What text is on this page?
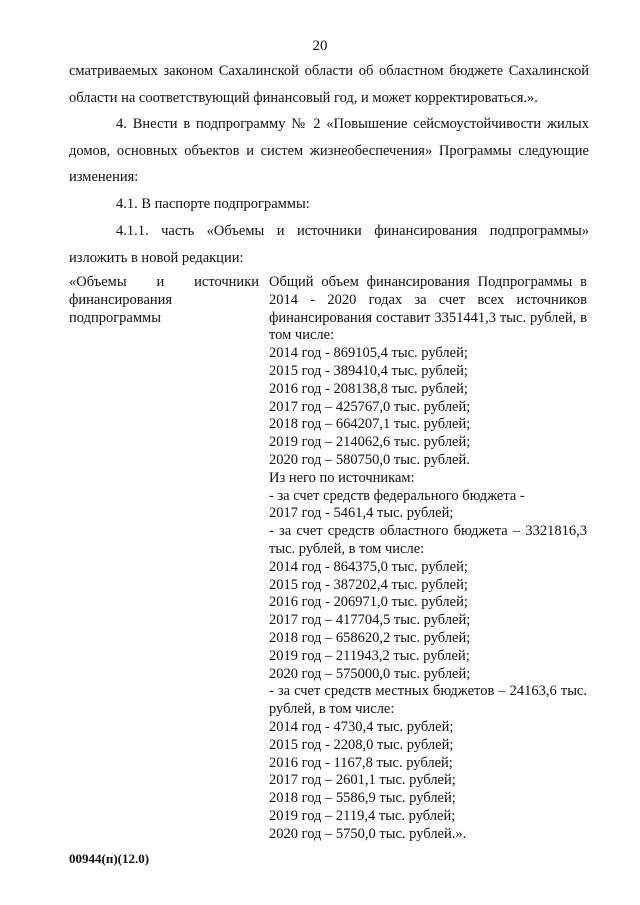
20

сматриваемых законом Сахалинской области об областном бюджете Сахалинской области на соответствующий финансовый год, и может корректироваться.».

4. Внести в подпрограмму № 2 «Повышение сейсмоустойчивости жилых домов, основных объектов и систем жизнеобеспечения» Программы следующие изменения:

4.1. В паспорте подпрограммы:

4.1.1. часть «Объемы и источники финансирования подпрограммы» изложить в новой редакции:

«Объемы и источники финансирования подпрограммы

Общий объем финансирования Подпрограммы в 2014 - 2020 годах за счет всех источников финансирования составит 3351441,3 тыс. рублей, в том числе:

2014 год - 869105,4 тыс. рублей;

2015 год - 389410,4 тыс. рублей;

2016 год - 208138,8 тыс. рублей;

2017 год – 425767,0 тыс. рублей;

2018 год – 664207,1 тыс. рублей;

2019 год – 214062,6 тыс. рублей;

2020 год – 580750,0 тыс. рублей.

Из него по источникам:

- за счет средств федерального бюджета -

2017 год - 5461,4 тыс. рублей;

- за счет средств областного бюджета – 3321816,3 тыс. рублей, в том числе:

2014 год - 864375,0 тыс. рублей;

2015 год - 387202,4 тыс. рублей;

2016 год - 206971,0 тыс. рублей;

2017 год – 417704,5 тыс. рублей;

2018 год – 658620,2 тыс. рублей;

2019 год – 211943,2 тыс. рублей;

2020 год – 575000,0 тыс. рублей;

- за счет средств местных бюджетов – 24163,6 тыс. рублей, в том числе:

2014 год - 4730,4 тыс. рублей;

2015 год - 2208,0 тыс. рублей;

2016 год - 1167,8 тыс. рублей;

2017 год – 2601,1 тыс. рублей;

2018 год – 5586,9 тыс. рублей;

2019 год – 2119,4 тыс. рублей;

2020 год – 5750,0 тыс. рублей.».

00944(п)(12.0)
